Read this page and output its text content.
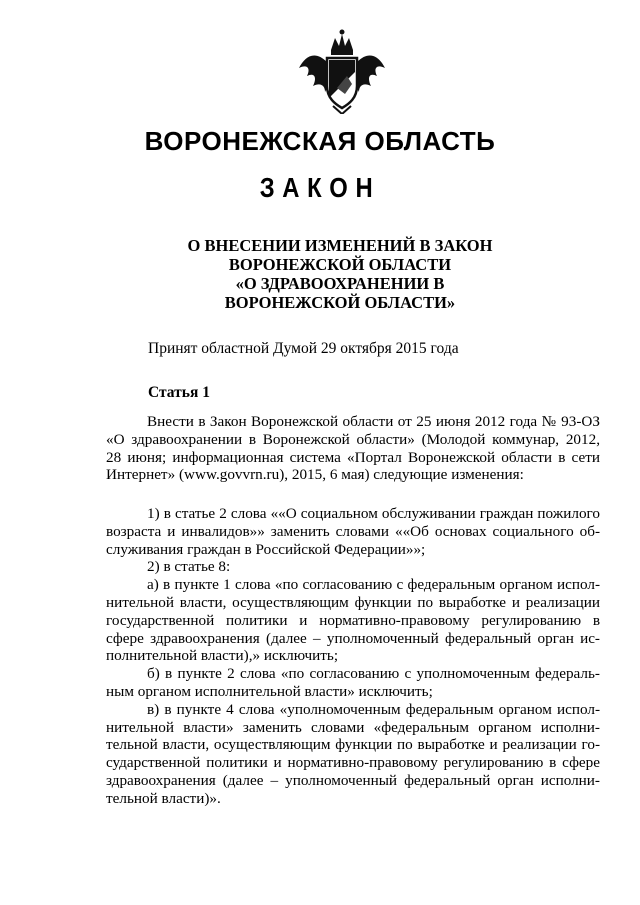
ВОРОНЕЖСКАЯ ОБЛАСТЬ
ЗАКОН
О ВНЕСЕНИИ ИЗМЕНЕНИЙ В ЗАКОН
ВОРОНЕЖСКОЙ ОБЛАСТИ
«О ЗДРАВООХРАНЕНИИ В
ВОРОНЕЖСКОЙ ОБЛАСТИ»
Принят областной Думой 29 октября 2015 года
Статья 1
Внести в Закон Воронежской области от 25 июня 2012 года № 93-ОЗ
«О здравоохранении в Воронежской области» (Молодой коммунар, 2012,
28 июня; информационная система «Портал Воронежской области в сети
Интернет» (www.govvrn.ru), 2015, 6 мая) следующие изменения:
1) в статье 2 слова ««О социальном обслуживании граждан пожилого
возраста и инвалидов»» заменить словами ««Об основах социального об-
служивания граждан в Российской Федерации»»;
2) в статье 8:
а) в пункте 1 слова «по согласованию с федеральным органом испол-
нительной власти, осуществляющим функции по выработке и реализации
государственной политики и нормативно-правовому регулированию в
сфере здравоохранения (далее – уполномоченный федеральный орган ис-
полнительной власти),» исключить;
б) в пункте 2 слова «по согласованию с уполномоченным федераль-
ным органом исполнительной власти» исключить;
в) в пункте 4 слова «уполномоченным федеральным органом испол-
нительной власти» заменить словами «федеральным органом исполни-
тельной власти, осуществляющим функции по выработке и реализации го-
сударственной политики и нормативно-правовому регулированию в сфере
здравоохранения (далее – уполномоченный федеральный орган исполни-
тельной власти)».
